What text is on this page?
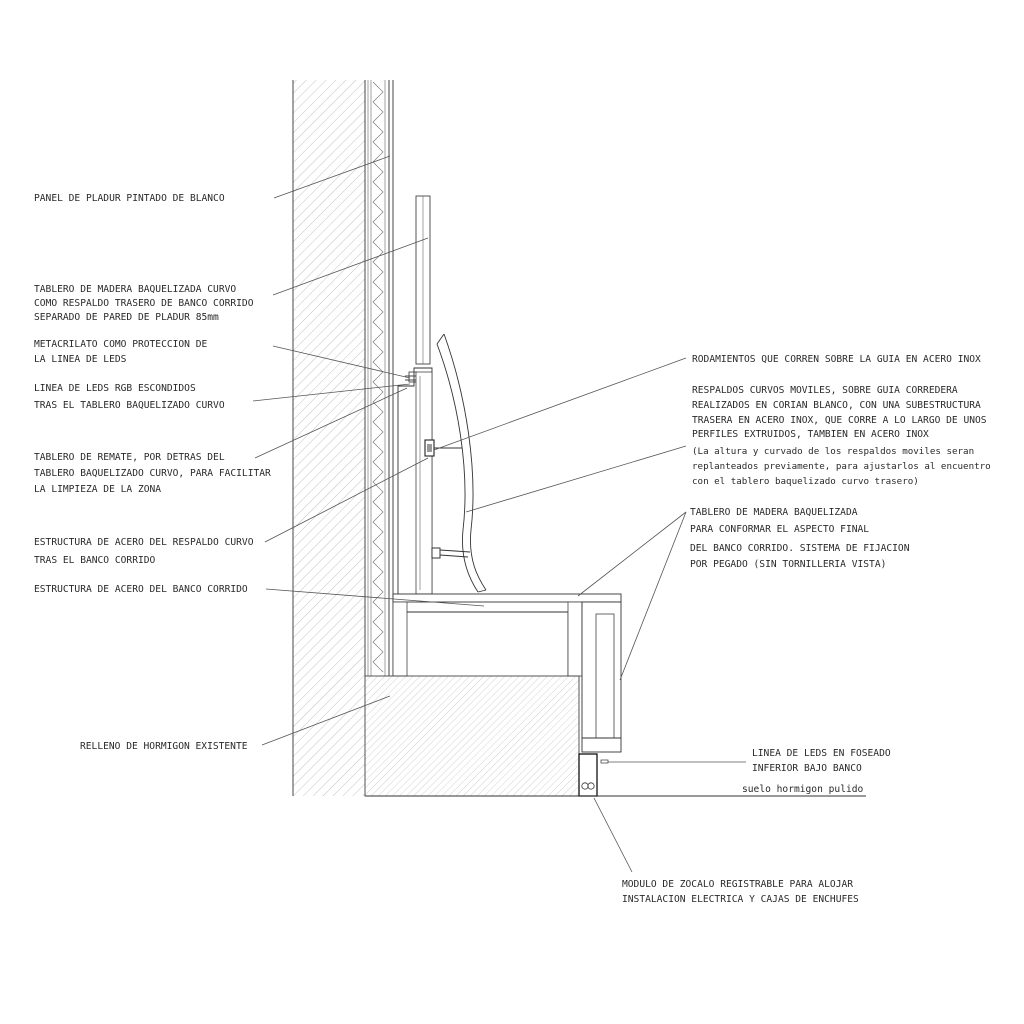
PANEL DE PLADUR PINTADO DE BLANCO
TABLERO DE MADERA BAQUELIZADA CURVO
COMO RESPALDO TRASERO DE BANCO CORRIDO
SEPARADO DE PARED DE PLADUR 85mm
METACRILATO COMO PROTECCION DE
LA LINEA DE LEDS
LINEA DE LEDS RGB ESCONDIDOS
TRAS EL TABLERO BAQUELIZADO CURVO
TABLERO DE REMATE, POR DETRAS DEL
TABLERO BAQUELIZADO CURVO, PARA FACILITAR
LA LIMPIEZA DE LA ZONA
ESTRUCTURA DE ACERO DEL RESPALDO CURVO
TRAS EL BANCO CORRIDO
ESTRUCTURA DE ACERO DEL BANCO CORRIDO
RELLENO DE HORMIGON EXISTENTE
RODAMIENTOS QUE CORREN SOBRE LA GUIA EN ACERO INOX
RESPALDOS CURVOS MOVILES, SOBRE GUIA CORREDERA
REALIZADOS EN CORIAN BLANCO, CON UNA SUBESTRUCTURA
TRASERA EN ACERO INOX, QUE CORRE A LO LARGO DE UNOS
PERFILES EXTRUIDOS, TAMBIEN EN ACERO INOX
(La altura y curvado de los respaldos moviles seran
replanteados previamente, para ajustarlos al encuentro
con el tablero baquelizado curvo trasero)
TABLERO DE MADERA BAQUELIZADA
PARA CONFORMAR EL ASPECTO FINAL
DEL BANCO CORRIDO. SISTEMA DE FIJACION
POR PEGADO (SIN TORNILLERIA VISTA)
LINEA DE LEDS EN FOSEADO
INFERIOR BAJO BANCO
suelo hormigon pulido
MODULO DE ZOCALO REGISTRABLE PARA ALOJAR
INSTALACION ELECTRICA Y CAJAS DE ENCHUFES
